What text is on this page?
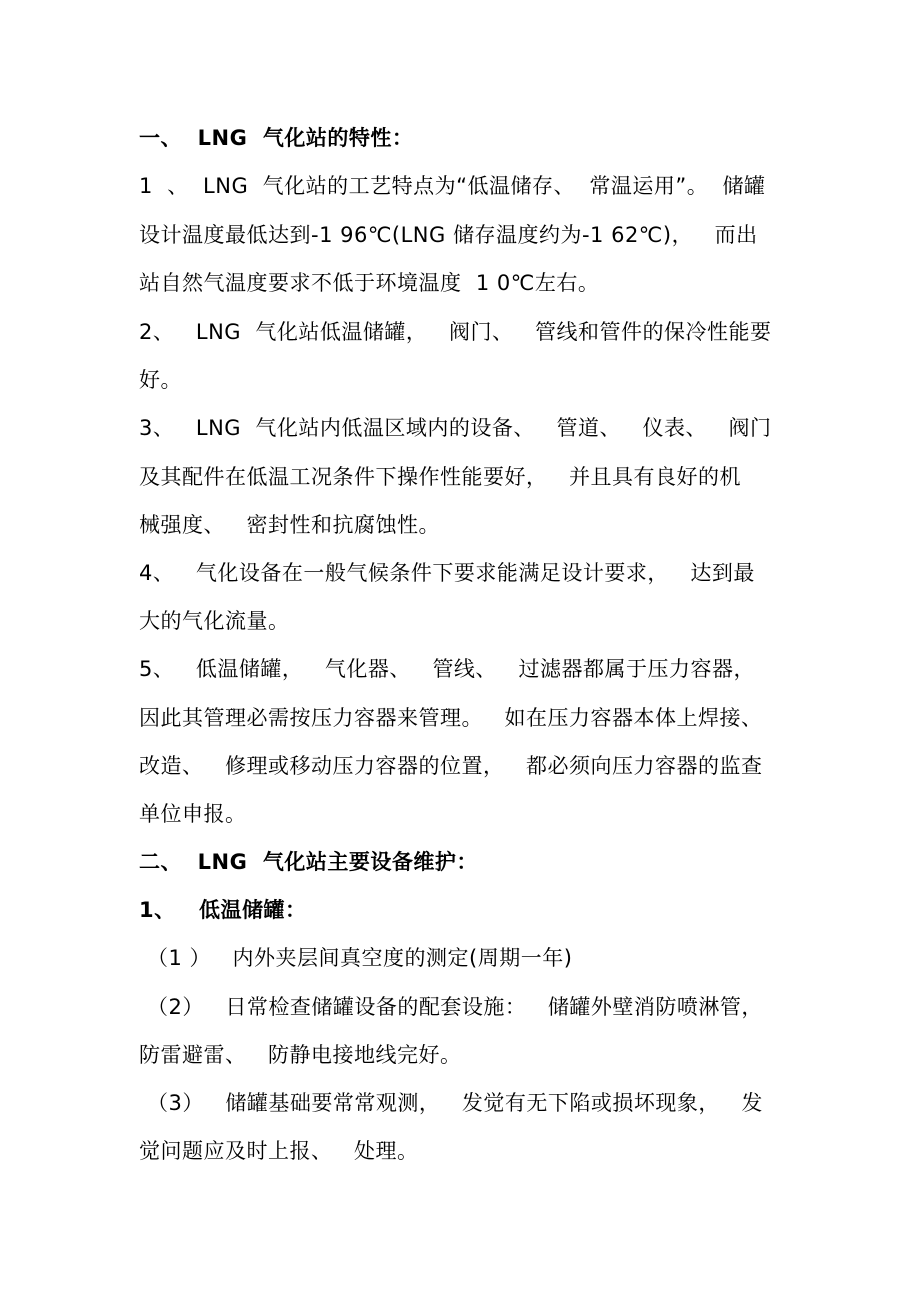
一、  LNG  气化站的特性：
1  、  LNG  气化站的工艺特点为“低温储存、  常温运用”。  储罐
设计温度最低达到-1 96℃(LNG 储存温度约为-1 62℃)，   而出
站自然气温度要求不低于环境温度  1 0℃左右。
2、   LNG  气化站低温储罐，   阀门、   管线和管件的保冷性能要
好。
3、   LNG  气化站内低温区域内的设备、   管道、   仪表、   阀门
及其配件在低温工况条件下操作性能要好，   并且具有良好的机
械强度、   密封性和抗腐蚀性。
4、   气化设备在一般气候条件下要求能满足设计要求，   达到最
大的气化流量。
5、   低温储罐，   气化器、   管线、   过滤器都属于压力容器，
因此其管理必需按压力容器来管理。   如在压力容器本体上焊接、
改造、   修理或移动压力容器的位置，   都必须向压力容器的监查
单位申报。
二、  LNG  气化站主要设备维护：
1、   低温储罐：
（1 ）   内外夹层间真空度的测定(周期一年)
（2）   日常检查储罐设备的配套设施：   储罐外壁消防喷淋管，
防雷避雷、   防静电接地线完好。
（3）   储罐基础要常常观测，   发觉有无下陷或损坏现象，   发
觉问题应及时上报、   处理。
